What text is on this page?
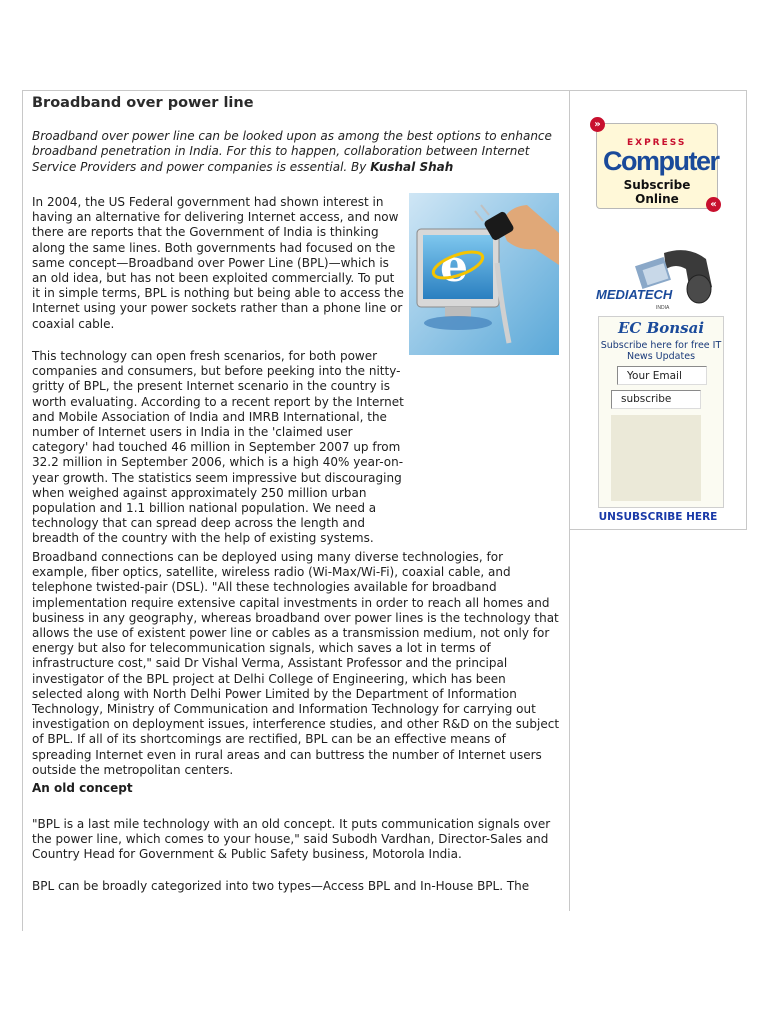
Broadband over power line

Broadband over power line can be looked upon as among the best options to enhance broadband penetration in India. For this to happen, collaboration between Internet Service Providers and power companies is essential. By Kushal Shah

In 2004, the US Federal government had shown interest in having an alternative for delivering Internet access, and now there are reports that the Government of India is thinking along the same lines. Both governments had focused on the same concept—Broadband over Power Line (BPL)—which is an old idea, but has not been exploited commercially. To put it in simple terms, BPL is nothing but being able to access the Internet using your power sockets rather than a phone line or coaxial cable.

e

This technology can open fresh scenarios, for both power companies and consumers, but before peeking into the nitty-gritty of BPL, the present Internet scenario in the country is worth evaluating. According to a recent report by the Internet and Mobile Association of India and IMRB International, the number of Internet users in India in the 'claimed user category' had touched 46 million in September 2007 up from 32.2 million in September 2006, which is a high 40% year-on-year growth. The statistics seem impressive but discouraging when weighed against approximately 250 million urban population and 1.1 billion national population. We need a technology that can spread deep across the length and breadth of the country with the help of existing systems.

Broadband connections can be deployed using many diverse technologies, for example, fiber optics, satellite, wireless radio (Wi-Max/Wi-Fi), coaxial cable, and telephone twisted-pair (DSL). "All these technologies available for broadband implementation require extensive capital investments in order to reach all homes and business in any geography, whereas broadband over power lines is the technology that allows the use of existent power line or cables as a transmission medium, not only for energy but also for telecommunication signals, which saves a lot in terms of infrastructure cost," said Dr Vishal Verma, Assistant Professor and the principal investigator of the BPL project at Delhi College of Engineering, which has been selected along with North Delhi Power Limited by the Department of Information Technology, Ministry of Communication and Information Technology for carrying out investigation on deployment issues, interference studies, and other R&D on the subject of BPL. If all of its shortcomings are rectified, BPL can be an effective means of spreading Internet even in rural areas and can buttress the number of Internet users outside the metropolitan centers.

An old concept

"BPL is a last mile technology with an old concept. It puts communication signals over the power line, which comes to your house," said Subodh Vardhan, Director-Sales and Country Head for Government & Public Safety business, Motorola India.

BPL can be broadly categorized into two types—Access BPL and In-House BPL. The

EXPRESS
Computer
Subscribe Online
»
«
MEDIATECH
INDIA
EC Bonsai
Subscribe here for free IT News Updates
Your Email
subscribe
UNSUBSCRIBE HERE
